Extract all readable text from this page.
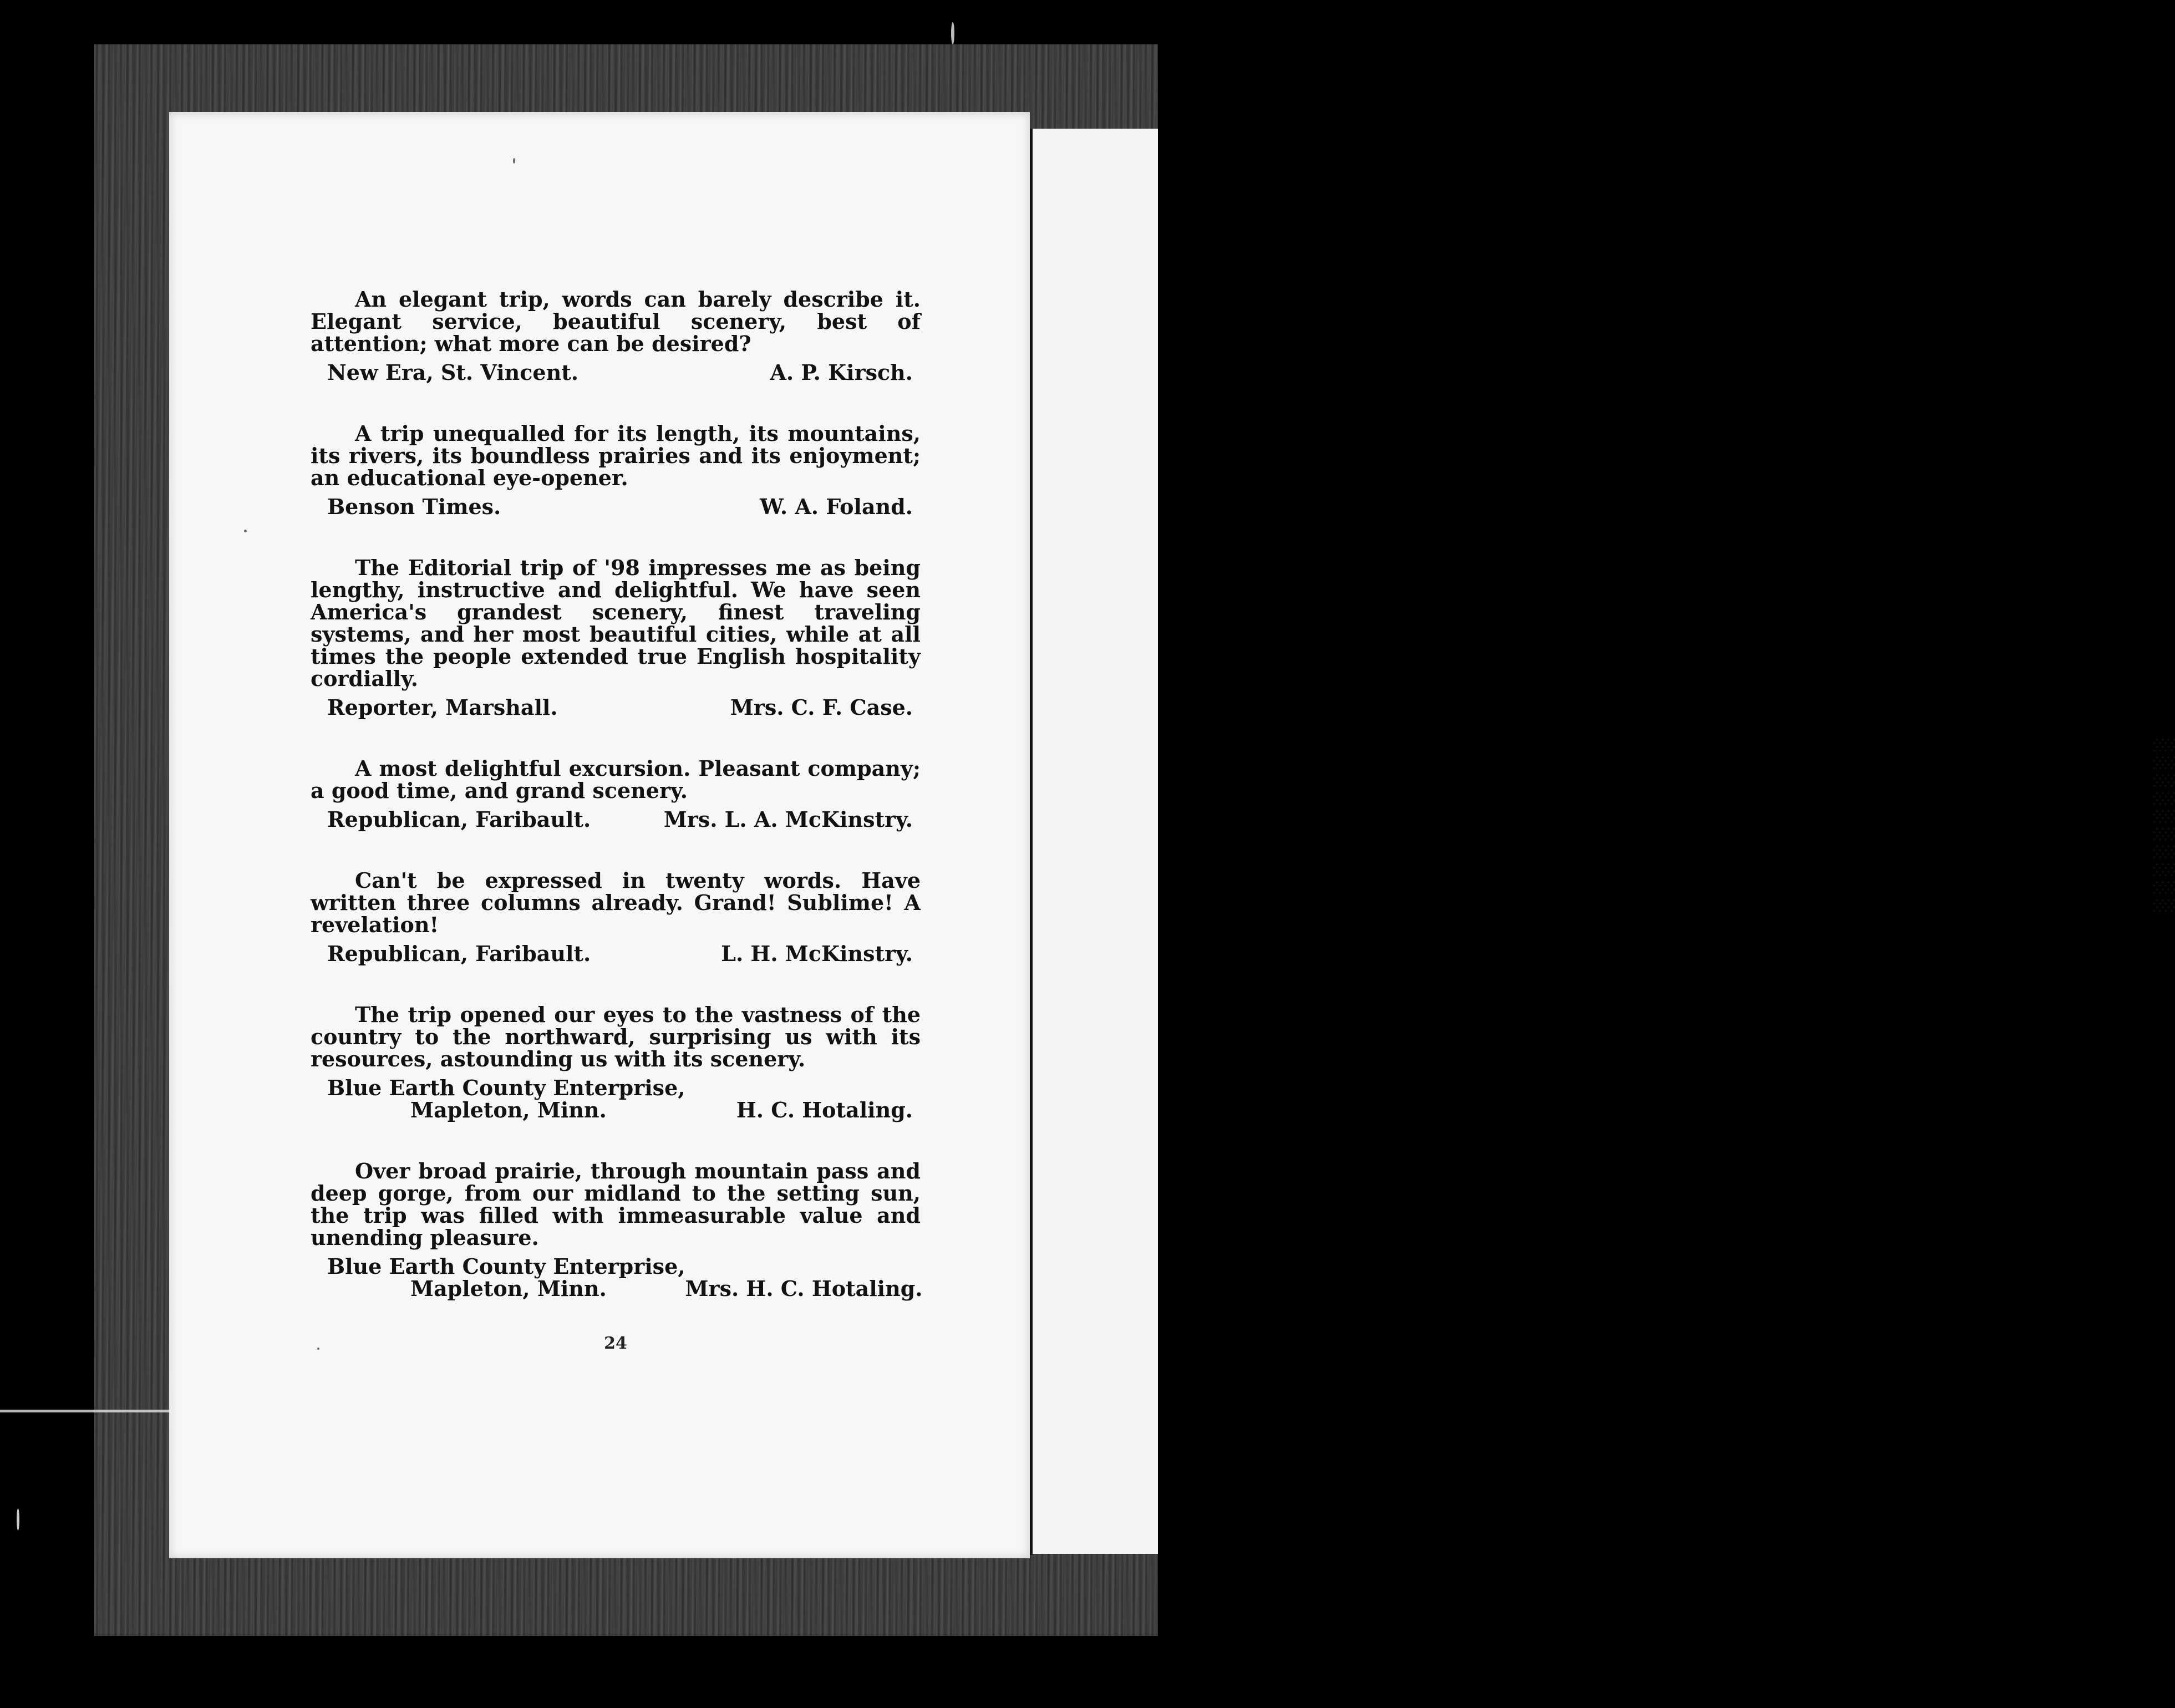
░░░░░░░░░░

An elegant trip, words can barely describe it. Elegant service, beautiful scenery, best of attention; what more can be desired?

New Era, St. Vincent.	A. P. Kirsch.

A trip unequalled for its length, its mountains, its rivers, its boundless prairies and its enjoyment; an educational eye-opener.

Benson Times.	W. A. Foland.

The Editorial trip of '98 impresses me as being lengthy, instructive and delightful. We have seen America's grandest scenery, finest traveling systems, and her most beautiful cities, while at all times the people extended true English hospitality cordially.

Reporter, Marshall.	Mrs. C. F. Case.

A most delightful excursion. Pleasant company; a good time, and grand scenery.

Republican, Faribault.	Mrs. L. A. McKinstry.

Can't be expressed in twenty words. Have written three columns already. Grand! Sublime! A revelation!

Republican, Faribault.	L. H. McKinstry.

The trip opened our eyes to the vastness of the country to the northward, surprising us with its resources, astounding us with its scenery.

Blue Earth County Enterprise,
Mapleton, Minn.	H. C. Hotaling.

Over broad prairie, through mountain pass and deep gorge, from our midland to the setting sun, the trip was filled with immeasurable value and unending pleasure.

Blue Earth County Enterprise,
Mapleton, Minn.	Mrs. H. C. Hotaling.
24
